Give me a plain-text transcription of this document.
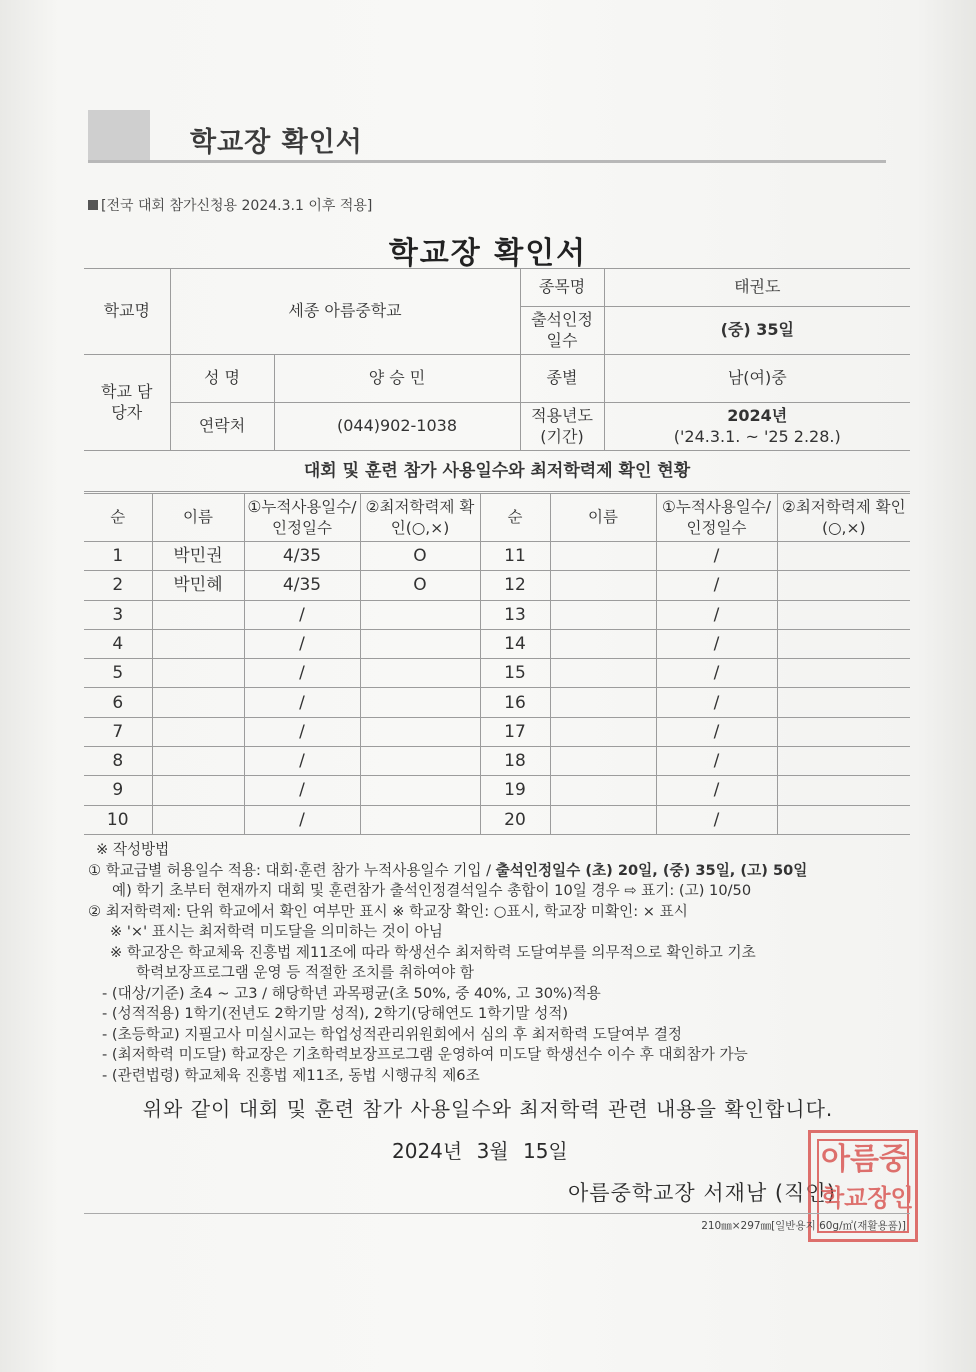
학교장 확인서
[전국 대회 참가신청용 2024.3.1 이후 적용]
학교장 확인서
학교명	세종 아름중학교		종목명	태권도
			출석인정일수	(중) 35일
학교 담당자	성 명	양 승 민	종별	남(여)중
	연락처	(044)902-1038	적용년도(기간)	2024년
('24.3.1. ~ '25 2.28.)

대회 및 훈련 참가 사용일수와 최저학력제 확인 현황				
순	이름	①누적사용일수/인정일수	②최저학력제 확인(○,×)	순	이름	①누적사용일수/인정일수	②최저학력제 확인(○,×)
1	박민권	4/35	O	11		/	
2	박민혜	4/35	O	12		/	
3		/		13		/	
4		/		14		/	
5		/		15		/	
6		/		16		/	
7		/		17		/	
8		/		18		/	
9		/		19		/	
10		/		20		/	
※ 작성방법
① 학교급별 허용일수 적용: 대회·훈련 참가 누적사용일수 기입 / 출석인정일수 (초) 20일, (중) 35일, (고) 50일
예) 학기 초부터 현재까지 대회 및 훈련참가 출석인정결석일수 총합이 10일 경우 ⇨ 표기: (고) 10/50
② 최저학력제: 단위 학교에서 확인 여부만 표시 ※ 학교장 확인: ○표시, 학교장 미확인: × 표시
※ '×' 표시는 최저학력 미도달을 의미하는 것이 아님
※ 학교장은 학교체육 진흥법 제11조에 따라 학생선수 최저학력 도달여부를 의무적으로 확인하고 기초
학력보장프로그램 운영 등 적절한 조치를 취하여야 함
- (대상/기준) 초4 ~ 고3 / 해당학년 과목평균(초 50%, 중 40%, 고 30%)적용
- (성적적용) 1학기(전년도 2학기말 성적), 2학기(당해연도 1학기말 성적)
- (초등학교) 지필고사 미실시교는 학업성적관리위원회에서 심의 후 최저학력 도달여부 결정
- (최저학력 미도달) 학교장은 기초학력보장프로그램 운영하여 미도달 학생선수 이수 후 대회참가 가능
- (관련법령) 학교체육 진흥법 제11조, 동법 시행규칙 제6조
위와 같이 대회 및 훈련 참가 사용일수와 최저학력 관련 내용을 확인합니다.
2024년 3월 15일
아름중학교장 서재남 (직인)
아름중
학교장인
210㎜×297㎜[일반용지 60g/㎡(재활용품)]
